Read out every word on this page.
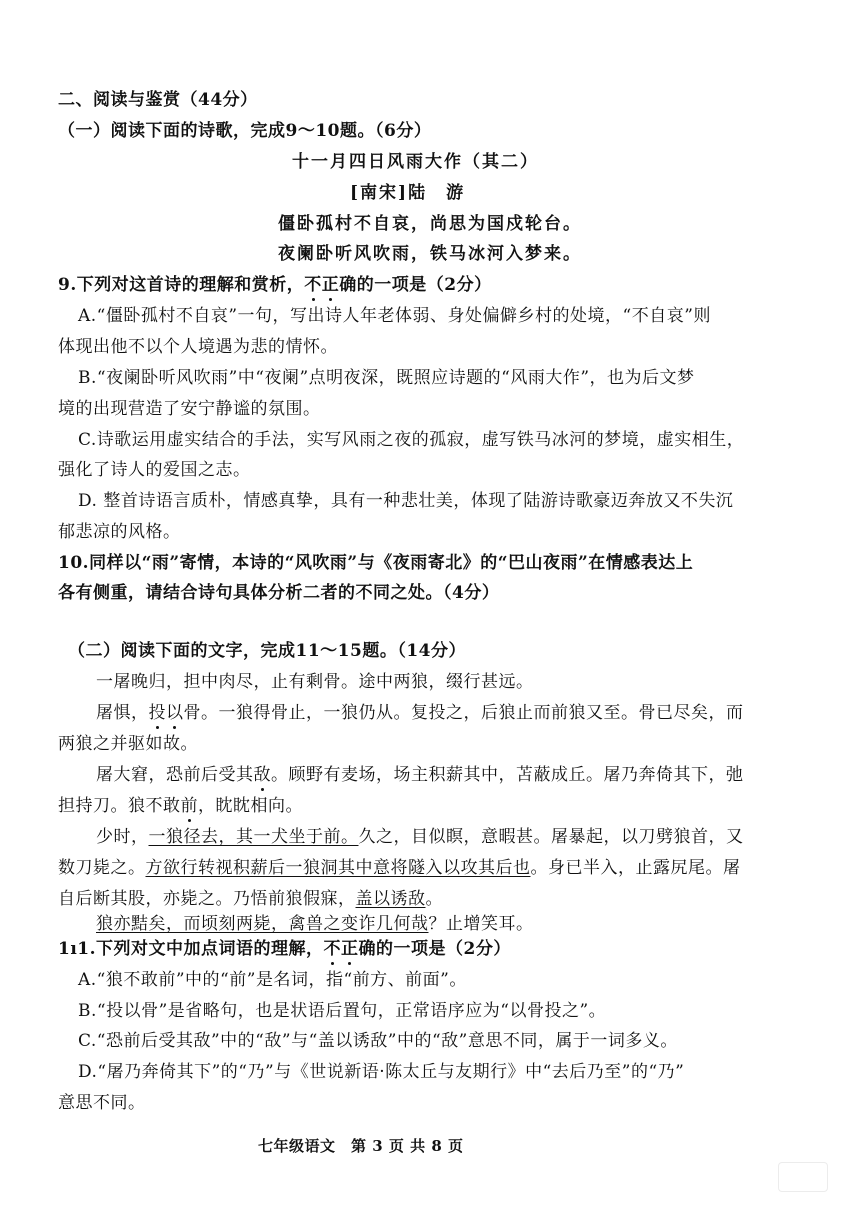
二、阅读与鉴赏（44分）
（一）阅读下面的诗歌，完成9～10题。（6分）
十一月四日风雨大作（其二）
[南宋]陆　游
僵卧孤村不自哀，尚思为国戍轮台。
夜阑卧听风吹雨，铁马冰河入梦来。
9.下列对这首诗的理解和赏析，不正确的一项是（2分）
A.“僵卧孤村不自哀”一句，写出诗人年老体弱、身处偏僻乡村的处境，“不自哀”则
体现出他不以个人境遇为悲的情怀。
B.“夜阑卧听风吹雨”中“夜阑”点明夜深，既照应诗题的“风雨大作”，也为后文梦
境的出现营造了安宁静谧的氛围。
C.诗歌运用虚实结合的手法，实写风雨之夜的孤寂，虚写铁马冰河的梦境，虚实相生，
强化了诗人的爱国之志。
D. 整首诗语言质朴，情感真挚，具有一种悲壮美，体现了陆游诗歌豪迈奔放又不失沉
郁悲凉的风格。
10.同样以“雨”寄情，本诗的“风吹雨”与《夜雨寄北》的“巴山夜雨”在情感表达上
各有侧重，请结合诗句具体分析二者的不同之处。（4分）
（二）阅读下面的文字，完成11～15题。（14分）
一屠晚归，担中肉尽，止有剩骨。途中两狼，缀行甚远。
屠惧，投以骨。一狼得骨止，一狼仍从。复投之，后狼止而前狼又至。骨已尽矣，而
两狼之并驱如故。
屠大窘，恐前后受其敌。顾野有麦场，场主积薪其中，苫蔽成丘。屠乃奔倚其下，弛
担持刀。狼不敢前，眈眈相向。
少时，一狼径去，其一犬坐于前。久之，目似瞑，意暇甚。屠暴起，以刀劈狼首，又
数刀毙之。方欲行转视积薪后一狼洞其中意将隧入以攻其后也。身已半入，止露尻尾。屠
自后断其股，亦毙之。乃悟前狼假寐，盖以诱敌。
狼亦黠矣，而顷刻两毙，禽兽之变诈几何哉？止增笑耳。
1ı1.下列对文中加点词语的理解，不正确的一项是（2分）
A.“狼不敢前”中的“前”是名词，指“前方、前面”。
B.“投以骨”是省略句，也是状语后置句，正常语序应为“以骨投之”。
C.“恐前后受其敌”中的“敌”与“盖以诱敌”中的“敌”意思不同，属于一词多义。
D.“屠乃奔倚其下”的“乃”与《世说新语·陈太丘与友期行》中“去后乃至”的“乃”
意思不同。
七年级语文　第 3 页 共 8 页
